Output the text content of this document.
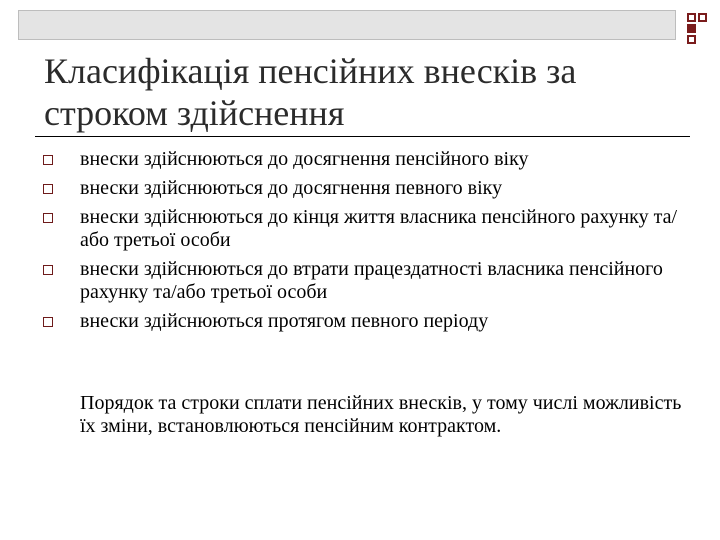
Класифікація пенсійних внесків за строком здійснення
внески здійснюються до досягнення пенсійного віку
внески здійснюються до досягнення певного віку
внески здійснюються до кінця життя власника пенсійного рахунку та/або третьої особи
внески здійснюються до втрати працездатності власника пенсійного рахунку та/або третьої особи
внески здійснюються протягом певного періоду

Порядок та строки сплати пенсійних внесків, у тому числі можливість їх зміни, встановлюються пенсійним контрактом.
